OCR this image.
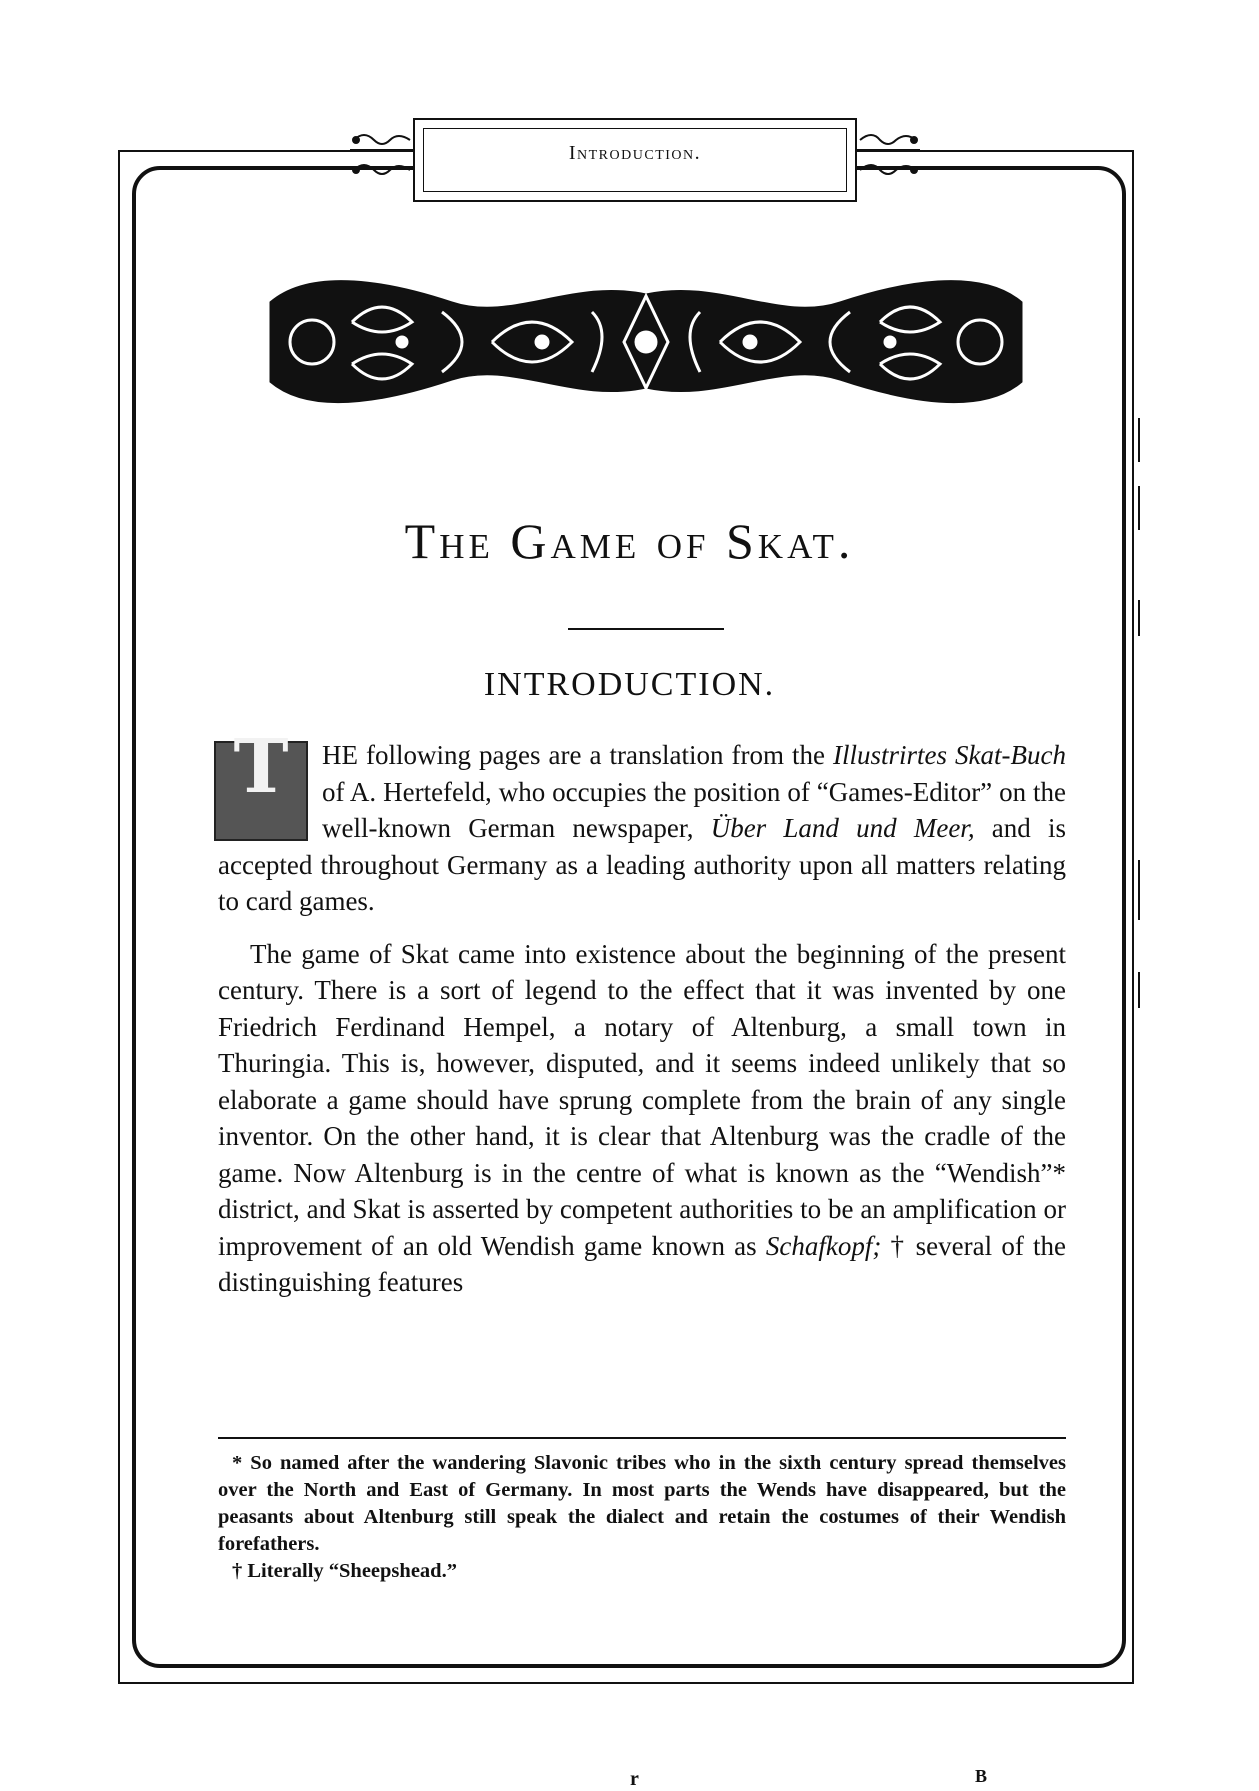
Introduction.
The Game of Skat.
INTRODUCTION.
T	HE following pages are a translation from the Illustrirtes Skat-Buch of A. Hertefeld, who occupies the position of “Games-Editor” on the well-known German newspaper, Über Land und Meer, and is accepted throughout Germany as a leading authority upon all matters relating to card games.

The game of Skat came into existence about the beginning of the present century. There is a sort of legend to the effect that it was invented by one Friedrich Ferdinand Hempel, a notary of Altenburg, a small town in Thuringia. This is, however, disputed, and it seems indeed unlikely that so elaborate a game should have sprung complete from the brain of any single inventor. On the other hand, it is clear that Altenburg was the cradle of the game. Now Altenburg is in the centre of what is known as the “Wendish”* district, and Skat is asserted by competent authorities to be an amplification or improvement of an old Wendish game known as Schafkopf; † several of the distinguishing features

* So named after the wandering Slavonic tribes who in the sixth century spread themselves over the North and East of Germany. In most parts the Wends have disappeared, but the peasants about Altenburg still speak the dialect and retain the costumes of their Wendish forefathers.

† Literally “Sheepshead.”

r	B
